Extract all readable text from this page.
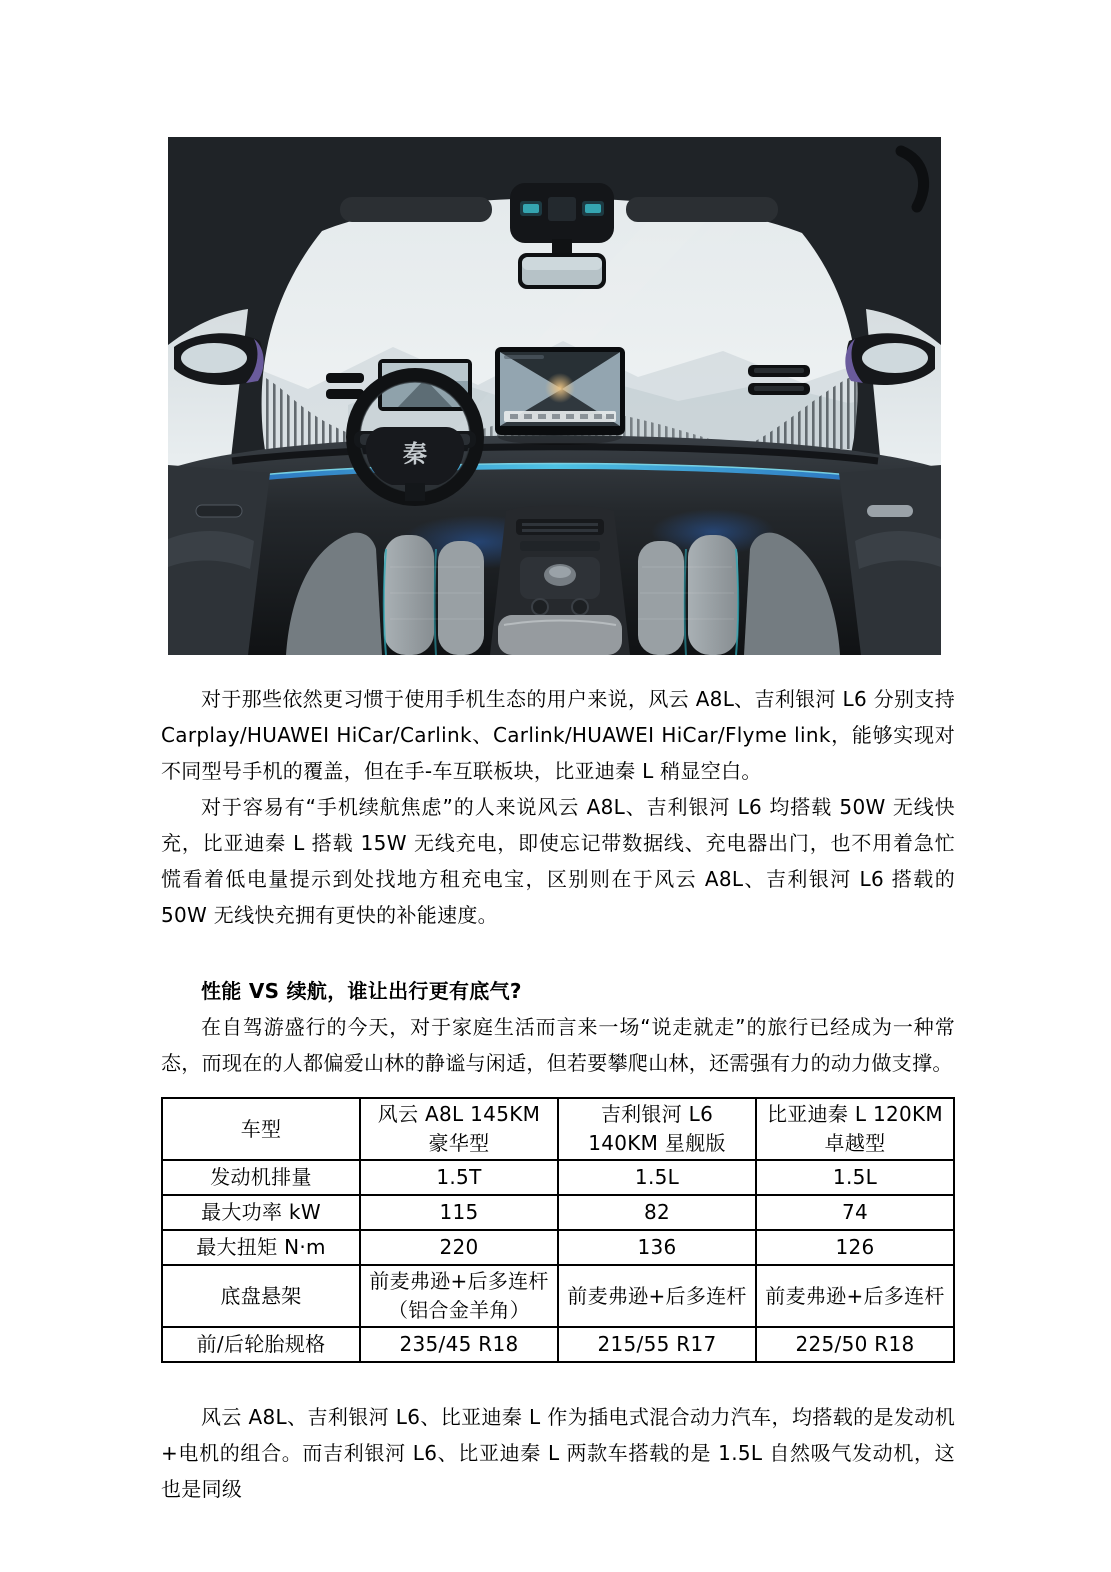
秦

对于那些依然更习惯于使用手机生态的用户来说，风云 A8L、吉利银河 L6 分别支持 Carplay/HUAWEI HiCar/Carlink、Carlink/HUAWEI HiCar/Flyme link，能够实现对不同型号手机的覆盖，但在手-车互联板块，比亚迪秦 L 稍显空白。

对于容易有“手机续航焦虑”的人来说风云 A8L、吉利银河 L6 均搭载 50W 无线快充，比亚迪秦 L 搭载 15W 无线充电，即使忘记带数据线、充电器出门，也不用着急忙慌看着低电量提示到处找地方租充电宝，区别则在于风云 A8L、吉利银河 L6 搭载的 50W 无线快充拥有更快的补能速度。

性能 VS 续航，谁让出行更有底气?

在自驾游盛行的今天，对于家庭生活而言来一场“说走就走”的旅行已经成为一种常态，而现在的人都偏爱山林的静谧与闲适，但若要攀爬山林，还需强有力的动力做支撑。

车型	风云 A8L 145KM 豪华型	吉利银河 L6 140KM 星舰版	比亚迪秦 L 120KM 卓越型
发动机排量	1.5T	1.5L	1.5L
最大功率 kW	115	82	74
最大扭矩 N·m	220	136	126
底盘悬架	前麦弗逊+后多连杆（铝合金羊角）	前麦弗逊+后多连杆	前麦弗逊+后多连杆
前/后轮胎规格	235/45 R18	215/55 R17	225/50 R18

风云 A8L、吉利银河 L6、比亚迪秦 L 作为插电式混合动力汽车，均搭载的是发动机+电机的组合。而吉利银河 L6、比亚迪秦 L 两款车搭载的是 1.5L 自然吸气发动机，这也是同级
